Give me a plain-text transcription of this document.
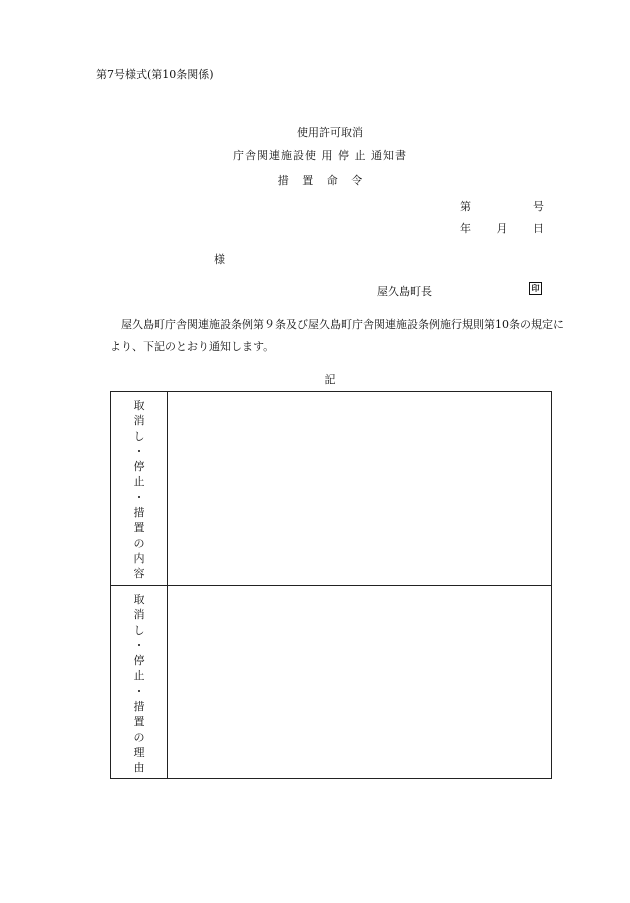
第7号様式(第10条関係)
使用許可取消
庁舎関連施設使 用 停 止 通知書
措 置 命 令
第	号
年 月 日
様
屋久島町長	印
屋久島町庁舎関連施設条例第９条及び屋久島町庁舎関連施設条例施行規則第10条の規定により、下記のとおり通知します。
記
取
消
し
・
停
止
・
措
置
の
内
容
取
消
し
・
停
止
・
措
置
の
理
由
